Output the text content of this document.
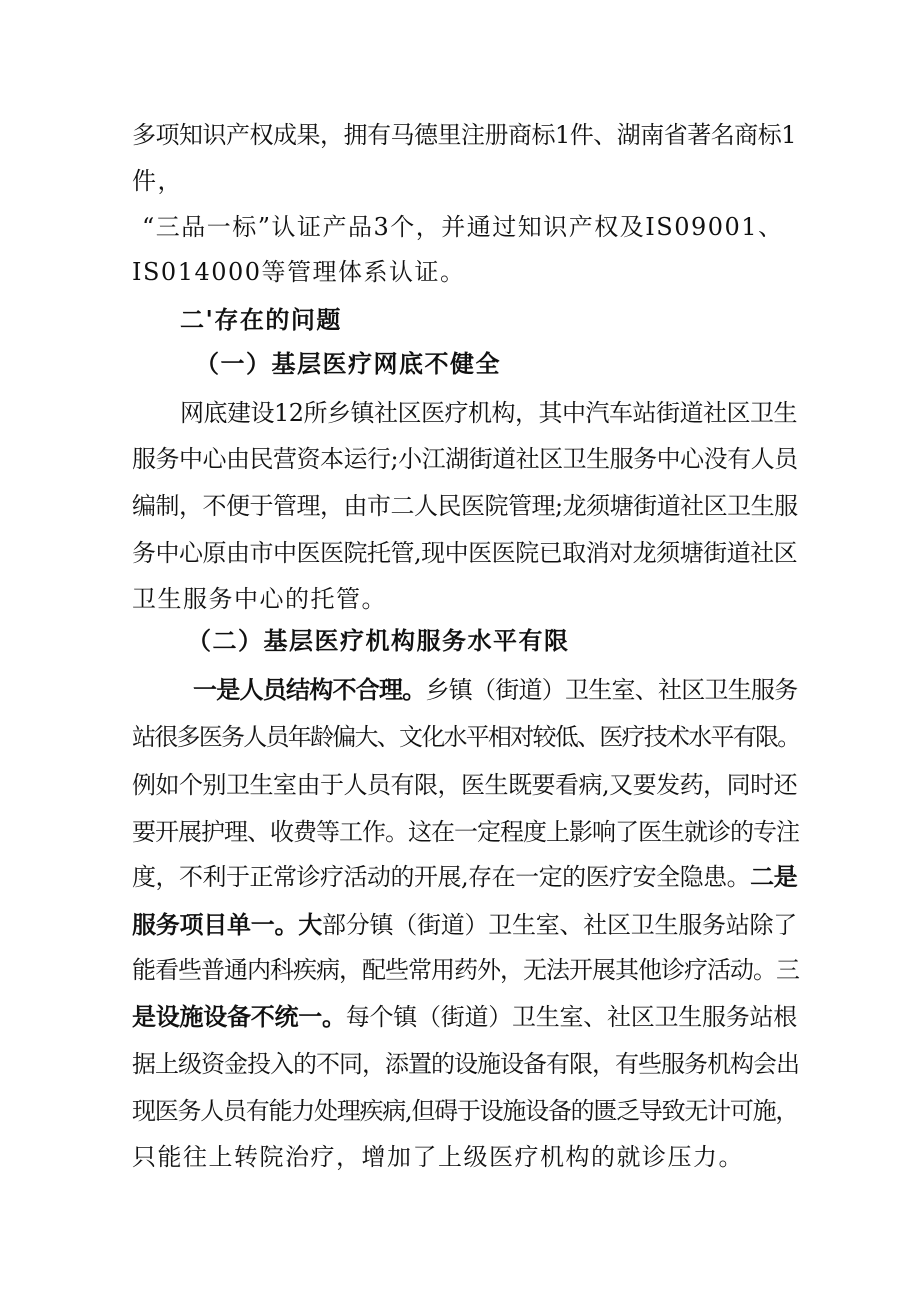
多项知识产权成果，拥有马德里注册商标1件、湖南省著名商标1
件，
“三品一标”认证产品3个，并通过知识产权及IS09001、
IS014000等管理体系认证。
二'存在的问题
（一）基层医疗网底不健全
网底建设12所乡镇社区医疗机构，其中汽车站街道社区卫生
服务中心由民营资本运行;小江湖街道社区卫生服务中心没有人员
编制，不便于管理，由市二人民医院管理;龙须塘街道社区卫生服
务中心原由市中医医院托管,现中医医院已取消对龙须塘街道社区
卫生服务中心的托管。
（二）基层医疗机构服务水平有限
一是人员结构不合理。乡镇（街道）卫生室、社区卫生服务
站很多医务人员年龄偏大、文化水平相对较低、医疗技术水平有限。
例如个别卫生室由于人员有限，医生既要看病,又要发药，同时还
要开展护理、收费等工作。这在一定程度上影响了医生就诊的专注
度，不利于正常诊疗活动的开展,存在一定的医疗安全隐患。二是
服务项目单一。大部分镇（街道）卫生室、社区卫生服务站除了
能看些普通内科疾病，配些常用药外，无法开展其他诊疗活动。三
是设施设备不统一。每个镇（街道）卫生室、社区卫生服务站根
据上级资金投入的不同，添置的设施设备有限，有些服务机构会出
现医务人员有能力处理疾病,但碍于设施设备的匮乏导致无计可施，
只能往上转院治疗，增加了上级医疗机构的就诊压力。
